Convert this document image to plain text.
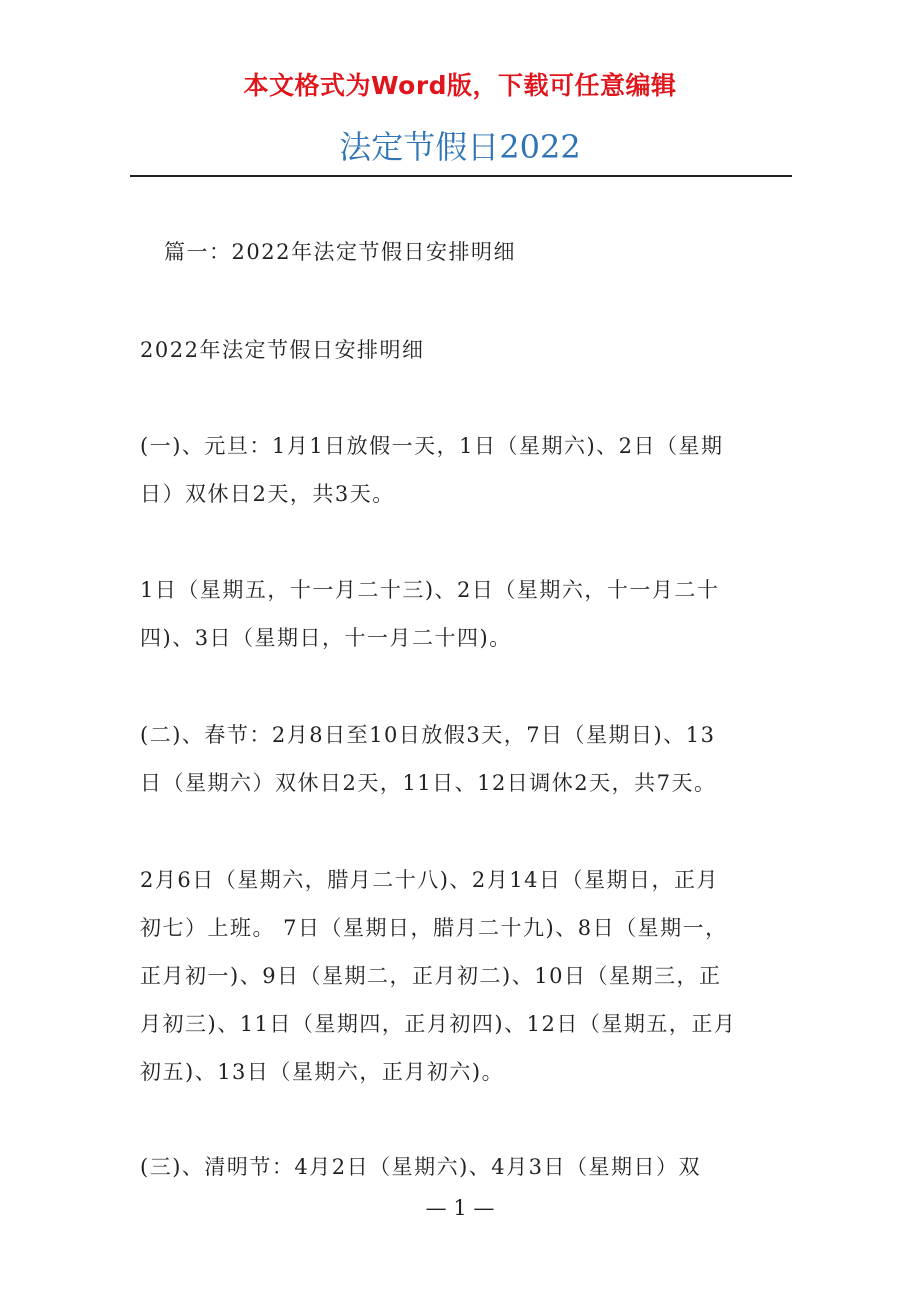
本文格式为Word版，下载可任意编辑
法定节假日2022
篇一：2022年法定节假日安排明细
2022年法定节假日安排明细
(一)、元旦：1月1日放假一天，1日（星期六)、2日（星期
日）双休日2天，共3天。
1日（星期五，十一月二十三)、2日（星期六，十一月二十
四)、3日（星期日，十一月二十四)。
(二)、春节：2月8日至10日放假3天，7日（星期日)、13
日（星期六）双休日2天，11日、12日调休2天，共7天。
2月6日（星期六，腊月二十八)、2月14日（星期日，正月
初七）上班。 7日（星期日，腊月二十九)、8日（星期一，
正月初一)、9日（星期二，正月初二)、10日（星期三，正
月初三)、11日（星期四，正月初四)、12日（星期五，正月
初五)、13日（星期六，正月初六)。
(三)、清明节：4月2日（星期六)、4月3日（星期日）双
— 1 —
